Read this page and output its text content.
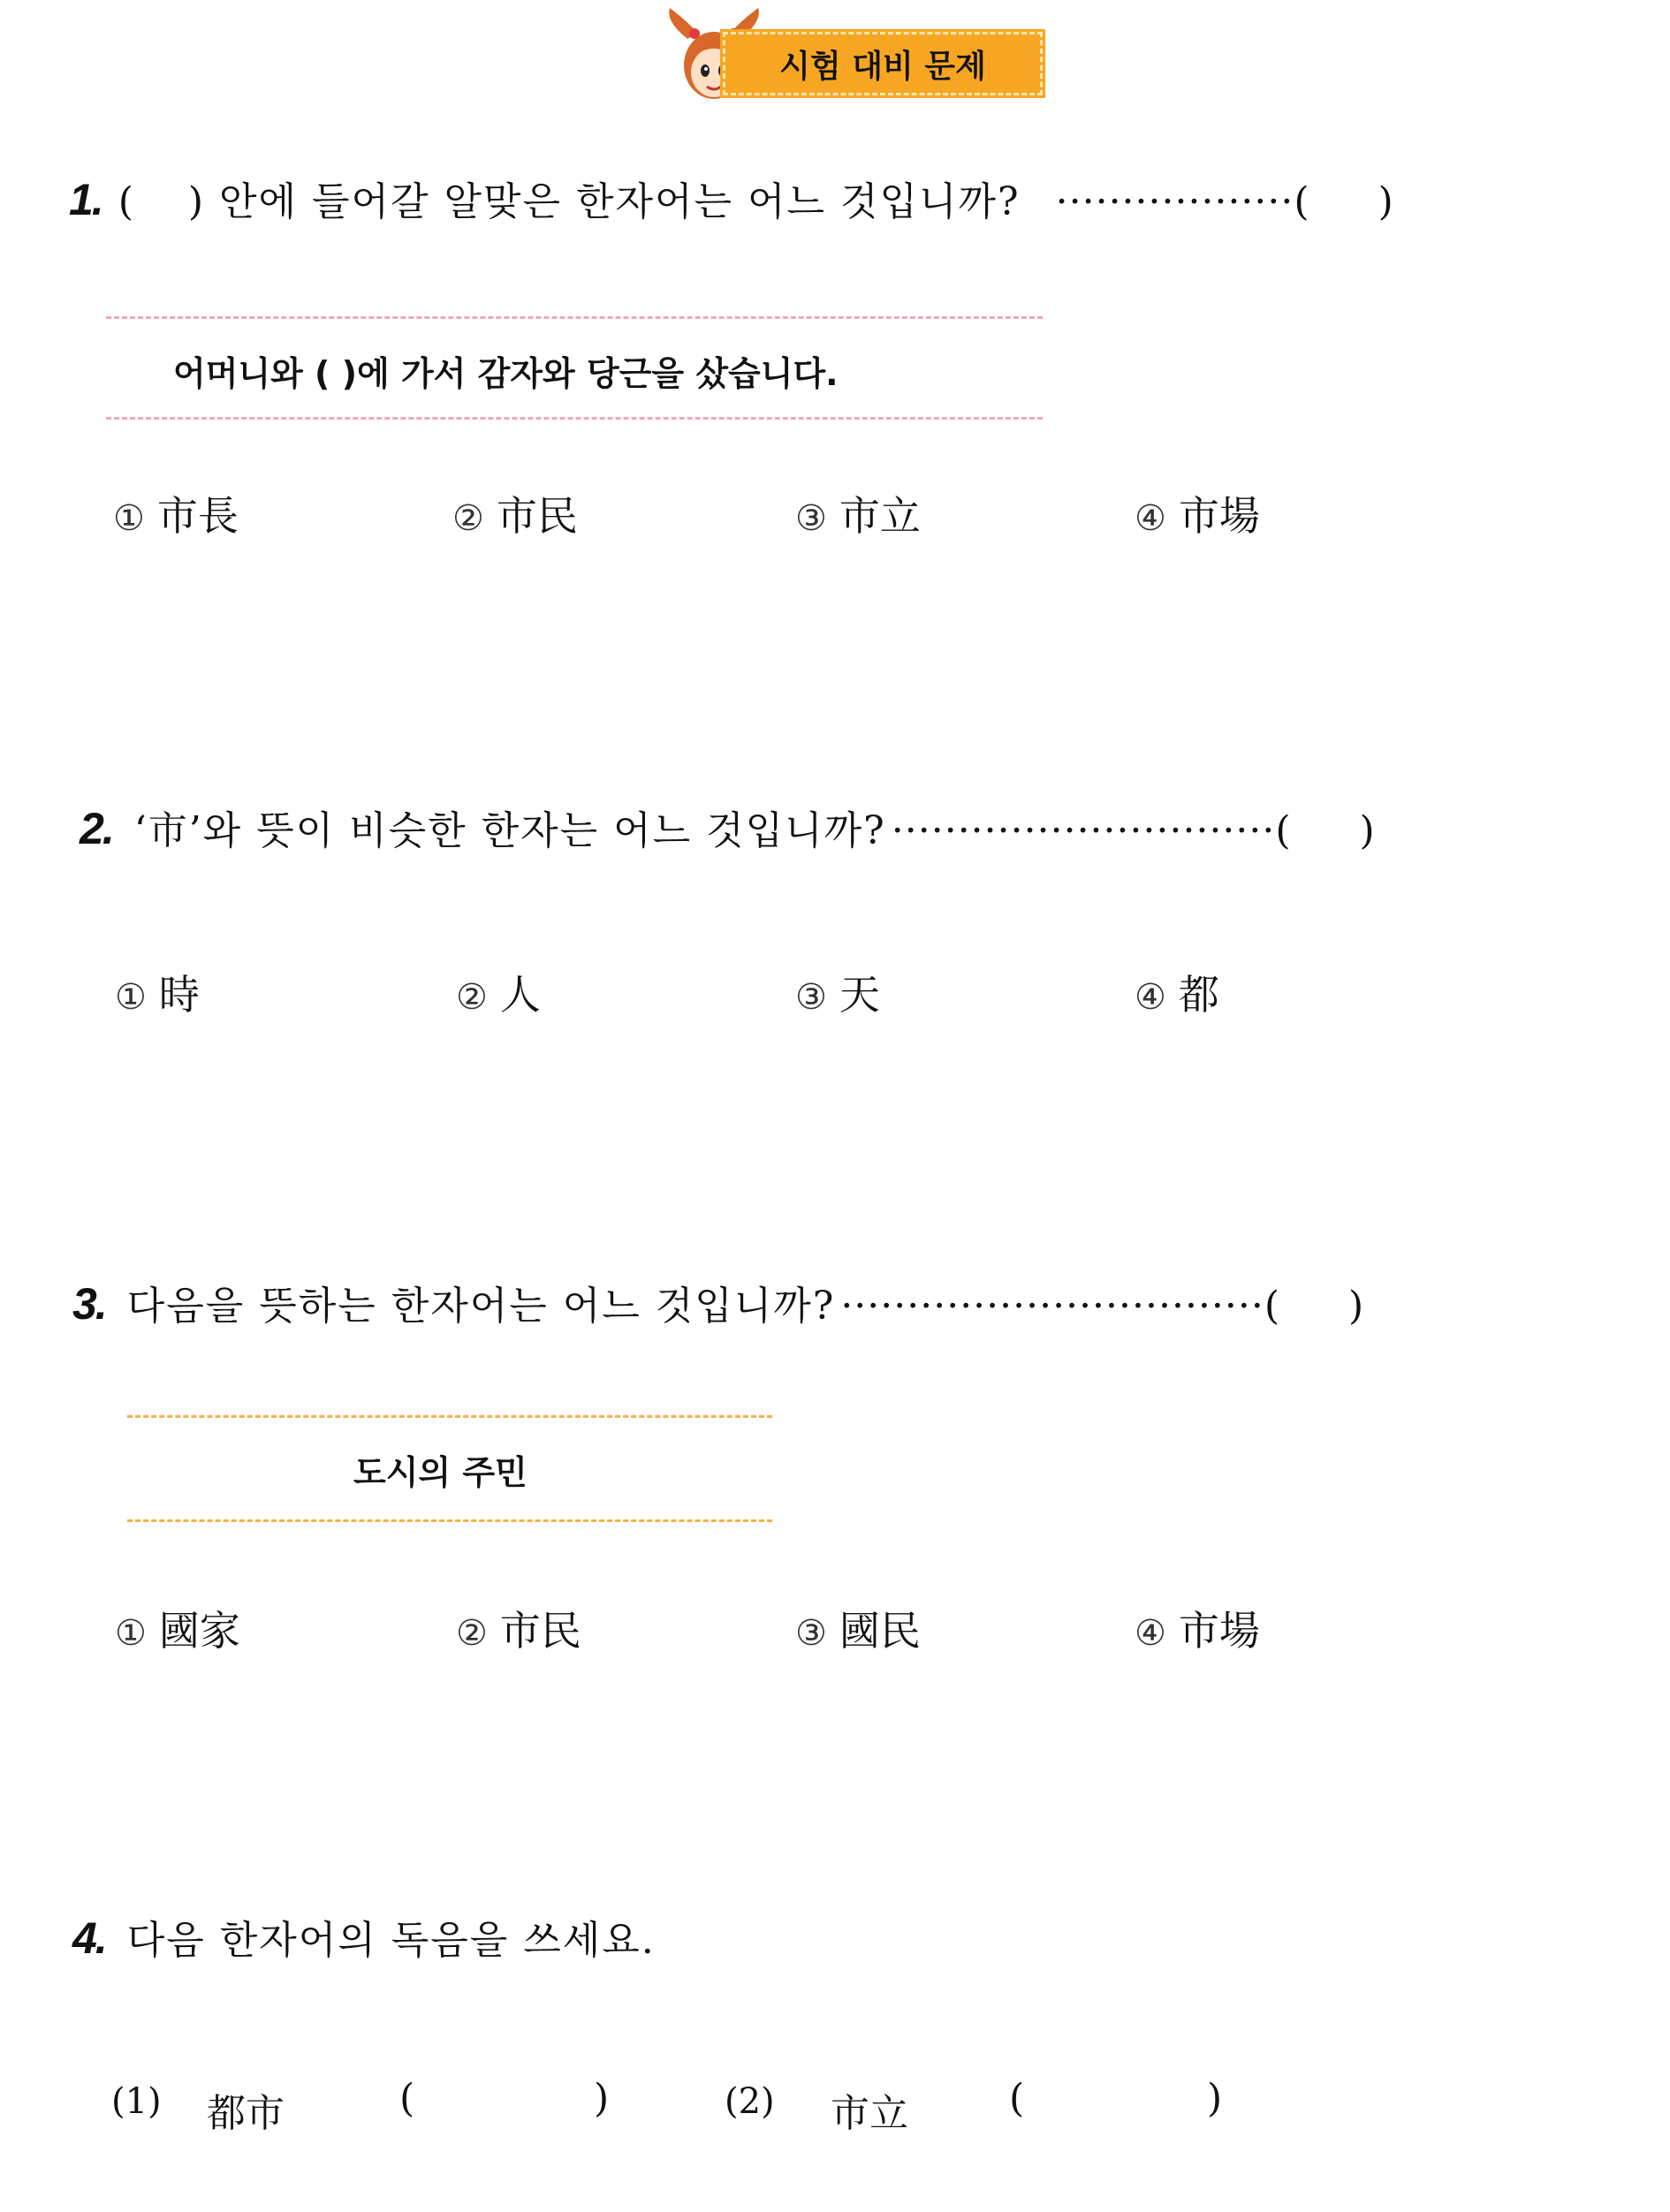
시험 대비 문제
1. ( ) 안에 들어갈 알맞은 한자어는 어느 것입니까? ·················· ( )
어머니와 ( )에 가서 감자와 당근을 샀습니다.
① 市長	② 市民	③ 市立	④ 市場
2. ‘市’와 뜻이 비슷한 한자는 어느 것입니까? ····························· ( )
① 時	② 人	③ 天	④ 都
3. 다음을 뜻하는 한자어는 어느 것입니까? ································ ( )
도시의 주민
① 國家	② 市民	③ 國民	④ 市場
4. 다음 한자어의 독음을 쓰세요.
(1) 都市	(	)	(2) 市立	(	)
